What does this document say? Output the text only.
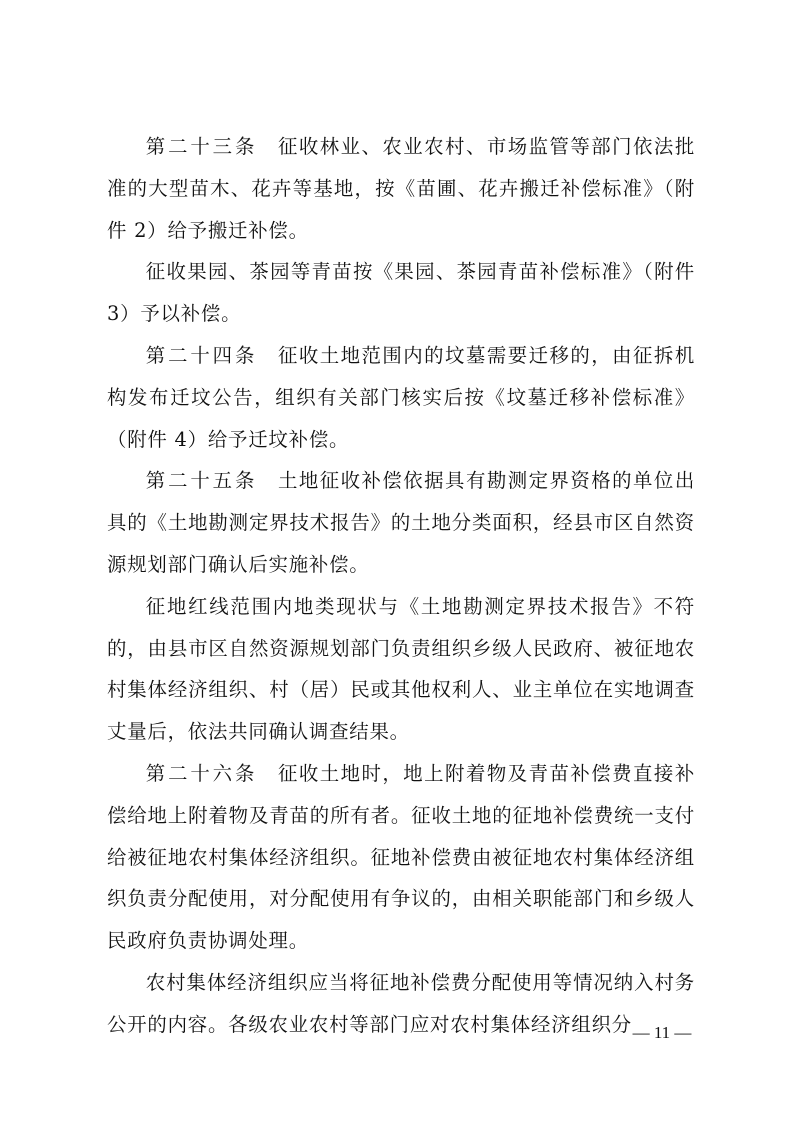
第二十三条 征收林业、农业农村、市场监管等部门依法批准的大型苗木、花卉等基地，按《苗圃、花卉搬迁补偿标准》（附件 2）给予搬迁补偿。

征收果园、茶园等青苗按《果园、茶园青苗补偿标准》（附件 3）予以补偿。

第二十四条 征收土地范围内的坟墓需要迁移的，由征拆机构发布迁坟公告，组织有关部门核实后按《坟墓迁移补偿标准》（附件 4）给予迁坟补偿。

第二十五条 土地征收补偿依据具有勘测定界资格的单位出具的《土地勘测定界技术报告》的土地分类面积，经县市区自然资源规划部门确认后实施补偿。

征地红线范围内地类现状与《土地勘测定界技术报告》不符的，由县市区自然资源规划部门负责组织乡级人民政府、被征地农村集体经济组织、村（居）民或其他权利人、业主单位在实地调查丈量后，依法共同确认调查结果。

第二十六条 征收土地时，地上附着物及青苗补偿费直接补偿给地上附着物及青苗的所有者。征收土地的征地补偿费统一支付给被征地农村集体经济组织。征地补偿费由被征地农村集体经济组织负责分配使用，对分配使用有争议的，由相关职能部门和乡级人民政府负责协调处理。

农村集体经济组织应当将征地补偿费分配使用等情况纳入村务公开的内容。各级农业农村等部门应对农村集体经济组织分 — 11 —
